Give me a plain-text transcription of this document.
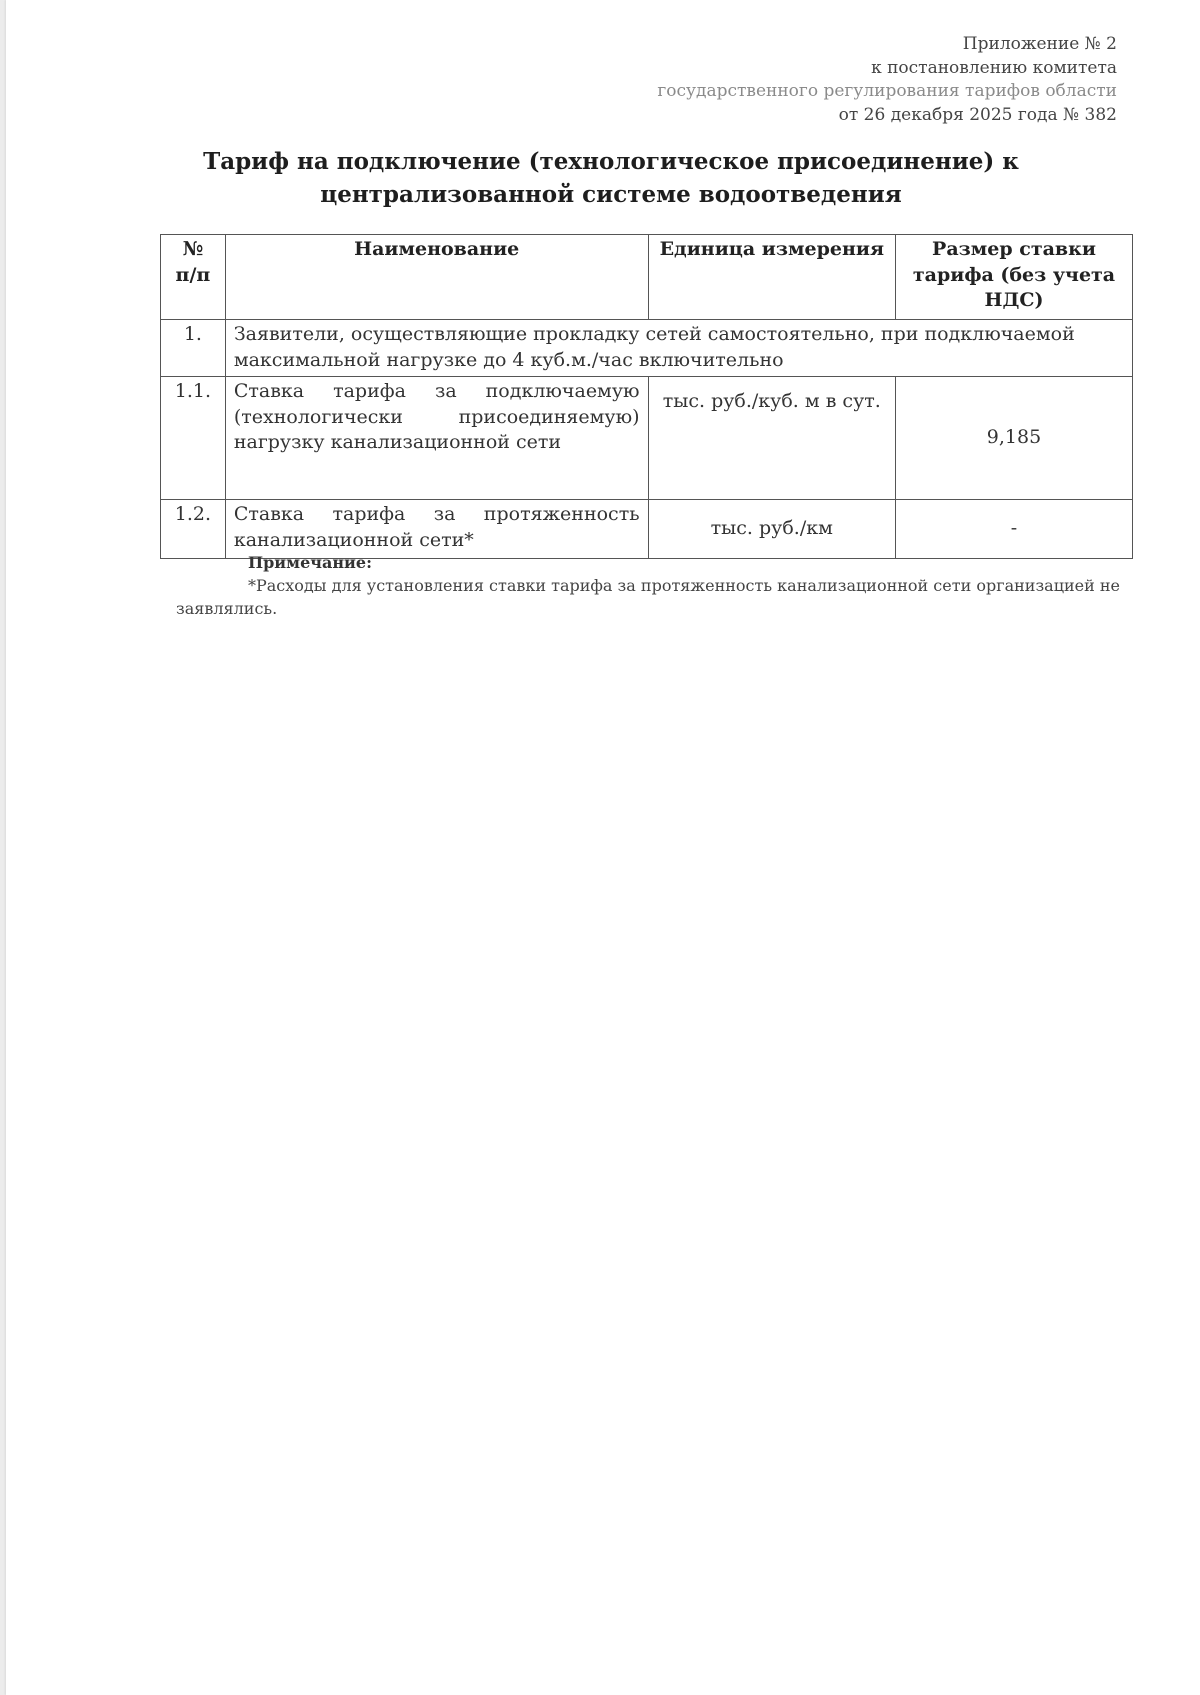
Приложение № 2
к постановлению комитета
государственного регулирования тарифов области
от 26 декабря 2025 года № 382
Тариф на подключение (технологическое присоединение) к
централизованной системе водоотведения
№ п/п	Наименование	Единица измерения	Размер ставки тарифа (без учета НДС)
1.	Заявители, осуществляющие прокладку сетей самостоятельно, при подключаемой максимальной нагрузке до 4 куб.м./час включительно		
1.1.	Ставка тарифа за подключаемую (технологически присоединяемую) нагрузку канализационной сети	тыс. руб./куб. м в сут.	9,185
1.2.	Ставка тарифа за протяженность канализационной сети*	тыс. руб./км	-
Примечание:
*Расходы для установления ставки тарифа за протяженность канализационной сети организацией не заявлялись.
